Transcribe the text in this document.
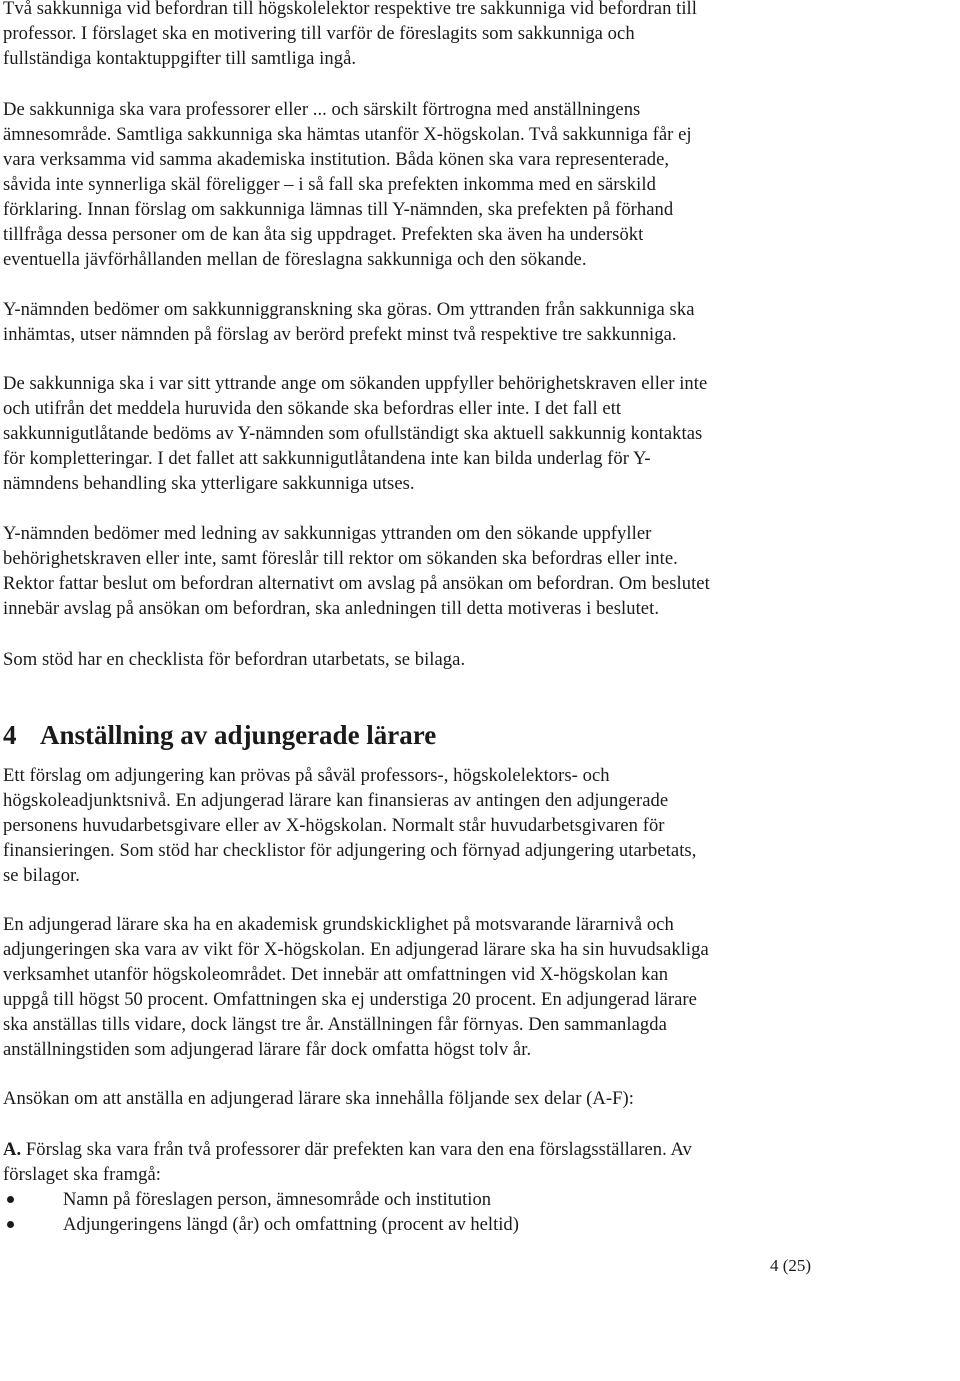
Två sakkunniga vid befordran till högskolelektor respektive tre sakkunniga vid befordran till
professor. I förslaget ska en motivering till varför de föreslagits som sakkunniga och
fullständiga kontaktuppgifter till samtliga ingå.

De sakkunniga ska vara professorer eller ... och särskilt förtrogna med anställningens
ämnesområde. Samtliga sakkunniga ska hämtas utanför X-högskolan. Två sakkunniga får ej
vara verksamma vid samma akademiska institution. Båda könen ska vara representerade,
såvida inte synnerliga skäl föreligger – i så fall ska prefekten inkomma med en särskild
förklaring. Innan förslag om sakkunniga lämnas till Y-nämnden, ska prefekten på förhand
tillfråga dessa personer om de kan åta sig uppdraget. Prefekten ska även ha undersökt
eventuella jävförhållanden mellan de föreslagna sakkunniga och den sökande.

Y-nämnden bedömer om sakkunniggranskning ska göras. Om yttranden från sakkunniga ska
inhämtas, utser nämnden på förslag av berörd prefekt minst två respektive tre sakkunniga.

De sakkunniga ska i var sitt yttrande ange om sökanden uppfyller behörighetskraven eller inte
och utifrån det meddela huruvida den sökande ska befordras eller inte. I det fall ett
sakkunnigutlåtande bedöms av Y-nämnden som ofullständigt ska aktuell sakkunnig kontaktas
för kompletteringar. I det fallet att sakkunnigutlåtandena inte kan bilda underlag för Y-
nämndens behandling ska ytterligare sakkunniga utses.

Y-nämnden bedömer med ledning av sakkunnigas yttranden om den sökande uppfyller
behörighetskraven eller inte, samt föreslår till rektor om sökanden ska befordras eller inte.
Rektor fattar beslut om befordran alternativt om avslag på ansökan om befordran. Om beslutet
innebär avslag på ansökan om befordran, ska anledningen till detta motiveras i beslutet.

Som stöd har en checklista för befordran utarbetats, se bilaga.

4 Anställning av adjungerade lärare

Ett förslag om adjungering kan prövas på såväl professors-, högskolelektors- och
högskoleadjunktsnivå. En adjungerad lärare kan finansieras av antingen den adjungerade
personens huvudarbetsgivare eller av X-högskolan. Normalt står huvudarbetsgivaren för
finansieringen. Som stöd har checklistor för adjungering och förnyad adjungering utarbetats,
se bilagor.

En adjungerad lärare ska ha en akademisk grundskicklighet på motsvarande lärarnivå och
adjungeringen ska vara av vikt för X-högskolan. En adjungerad lärare ska ha sin huvudsakliga
verksamhet utanför högskoleområdet. Det innebär att omfattningen vid X-högskolan kan
uppgå till högst 50 procent. Omfattningen ska ej understiga 20 procent. En adjungerad lärare
ska anställas tills vidare, dock längst tre år. Anställningen får förnyas. Den sammanlagda
anställningstiden som adjungerad lärare får dock omfatta högst tolv år.

Ansökan om att anställa en adjungerad lärare ska innehålla följande sex delar (A-F):

A. Förslag ska vara från två professorer där prefekten kan vara den ena förslagsställaren. Av
förslaget ska framgå:

Namn på föreslagen person, ämnesområde och institution
Adjungeringens längd (år) och omfattning (procent av heltid)
4 (25)
